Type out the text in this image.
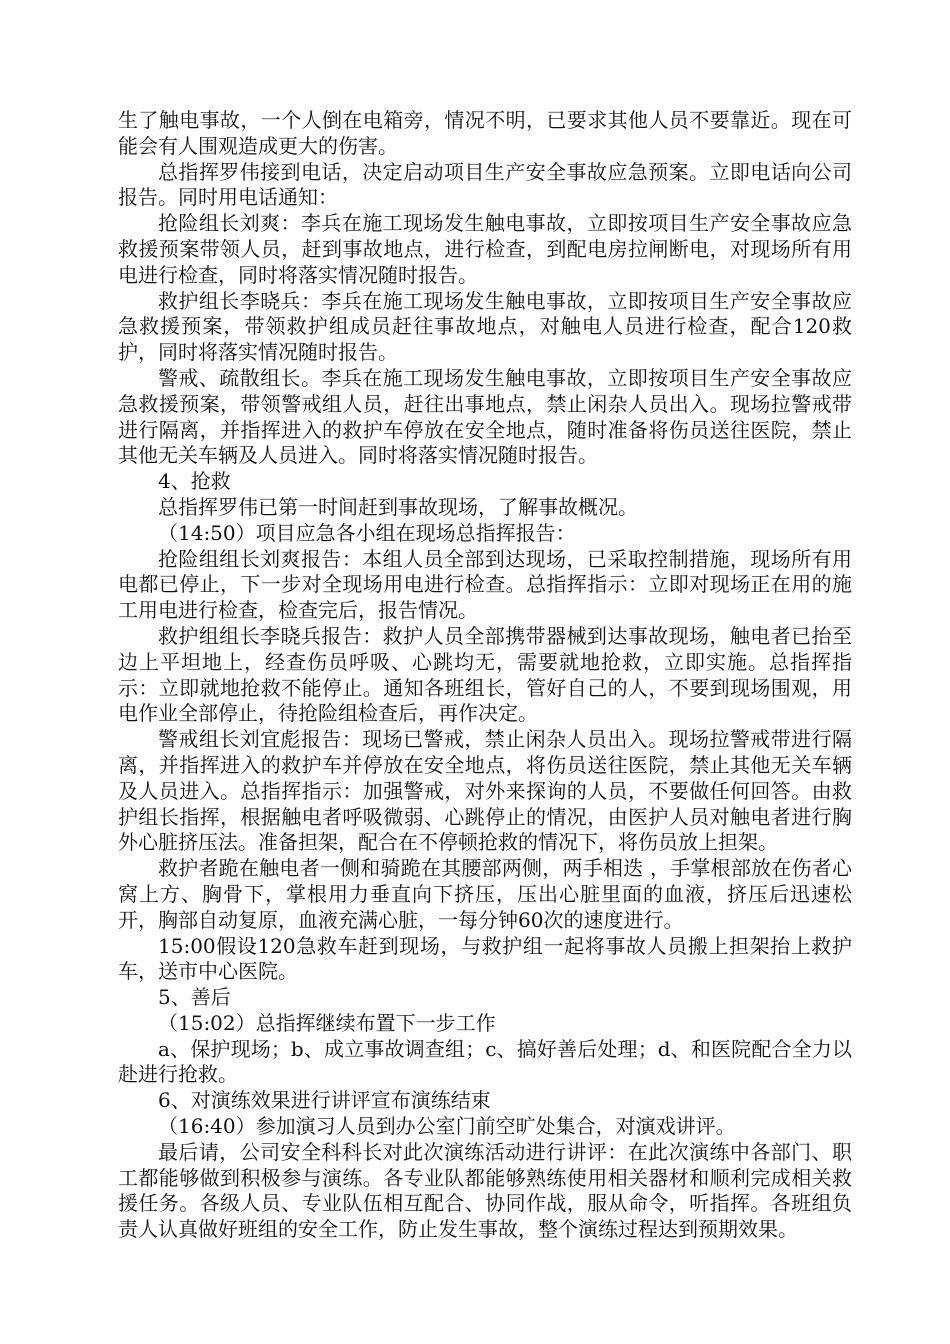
生了触电事故，一个人倒在电箱旁，情况不明，已要求其他人员不要靠近。现在可能会有人围观造成更大的伤害。

总指挥罗伟接到电话，决定启动项目生产安全事故应急预案。立即电话向公司报告。同时用电话通知：

抢险组长刘爽：李兵在施工现场发生触电事故，立即按项目生产安全事故应急救援预案带领人员，赶到事故地点，进行检查，到配电房拉闸断电，对现场所有用电进行检查，同时将落实情况随时报告。

救护组长李晓兵：李兵在施工现场发生触电事故，立即按项目生产安全事故应急救援预案，带领救护组成员赶往事故地点，对触电人员进行检查，配合120救护，同时将落实情况随时报告。

警戒、疏散组长。李兵在施工现场发生触电事故，立即按项目生产安全事故应急救援预案，带领警戒组人员，赶往出事地点，禁止闲杂人员出入。现场拉警戒带进行隔离，并指挥进入的救护车停放在安全地点，随时准备将伤员送往医院，禁止其他无关车辆及人员进入。同时将落实情况随时报告。

4、抢救

总指挥罗伟已第一时间赶到事故现场，了解事故概况。

（14:50）项目应急各小组在现场总指挥报告：

抢险组组长刘爽报告：本组人员全部到达现场，已采取控制措施，现场所有用电都已停止，下一步对全现场用电进行检查。总指挥指示：立即对现场正在用的施工用电进行检查，检查完后，报告情况。

救护组组长李晓兵报告：救护人员全部携带器械到达事故现场，触电者已抬至边上平坦地上，经查伤员呼吸、心跳均无，需要就地抢救，立即实施。总指挥指示：立即就地抢救不能停止。通知各班组长，管好自己的人，不要到现场围观，用电作业全部停止，待抢险组检查后，再作决定。

警戒组长刘宜彪报告：现场已警戒，禁止闲杂人员出入。现场拉警戒带进行隔离，并指挥进入的救护车并停放在安全地点，将伤员送往医院，禁止其他无关车辆及人员进入。总指挥指示：加强警戒，对外来探询的人员，不要做任何回答。由救护组长指挥，根据触电者呼吸微弱、心跳停止的情况，由医护人员对触电者进行胸外心脏挤压法。准备担架，配合在不停顿抢救的情况下，将伤员放上担架。

救护者跪在触电者一侧和骑跪在其腰部两侧，两手相迭 ，手掌根部放在伤者心窝上方、胸骨下，掌根用力垂直向下挤压，压出心脏里面的血液，挤压后迅速松开，胸部自动复原，血液充满心脏，一每分钟60次的速度进行。

15:00假设120急救车赶到现场，与救护组一起将事故人员搬上担架抬上救护车，送市中心医院。

5、善后

（15:02）总指挥继续布置下一步工作

a、保护现场；b、成立事故调查组；c、搞好善后处理；d、和医院配合全力以赴进行抢救。

6、对演练效果进行讲评宣布演练结束

（16:40）参加演习人员到办公室门前空旷处集合，对演戏讲评。

最后请，公司安全科科长对此次演练活动进行讲评：在此次演练中各部门、职工都能够做到积极参与演练。各专业队都能够熟练使用相关器材和顺利完成相关救援任务。各级人员、专业队伍相互配合、协同作战，服从命令，听指挥。各班组负责人认真做好班组的安全工作，防止发生事故，整个演练过程达到预期效果。
